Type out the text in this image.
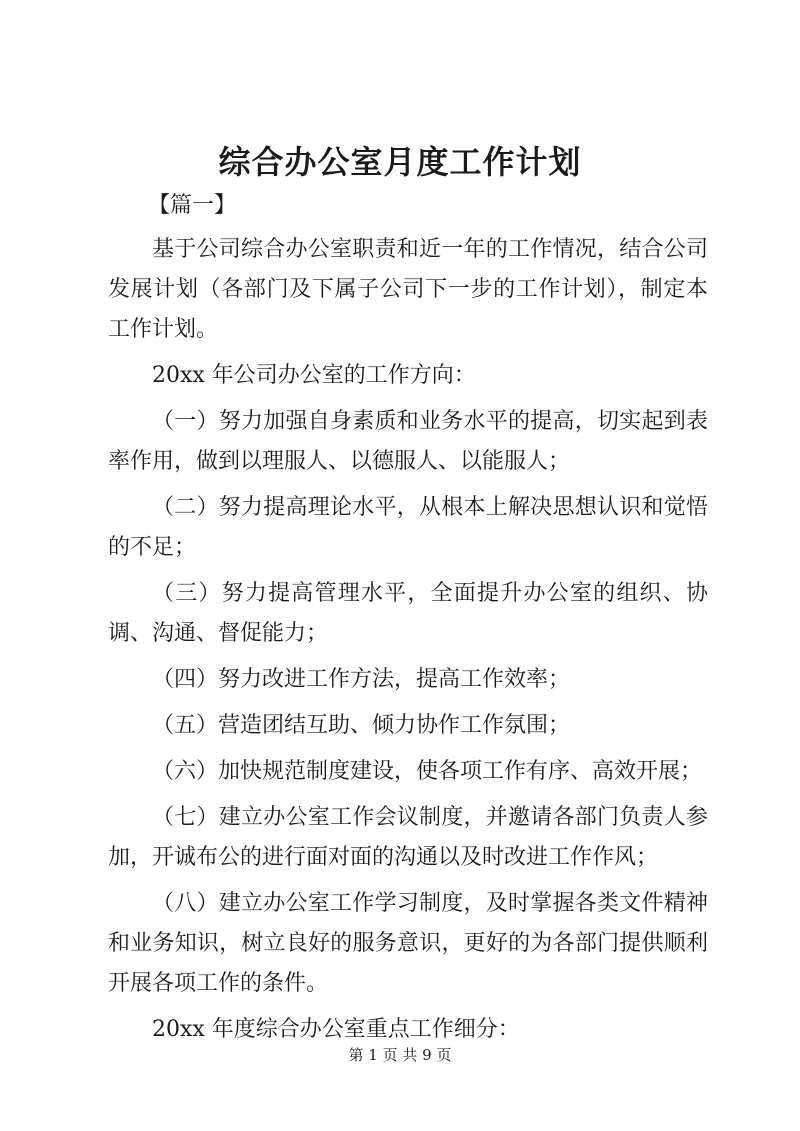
综合办公室月度工作计划

【篇一】

基于公司综合办公室职责和近一年的工作情况，结合公司发展计划（各部门及下属子公司下一步的工作计划），制定本工作计划。

20xx 年公司办公室的工作方向：

（一）努力加强自身素质和业务水平的提高，切实起到表率作用，做到以理服人、以德服人、以能服人；

（二）努力提高理论水平，从根本上解决思想认识和觉悟的不足；

（三）努力提高管理水平，全面提升办公室的组织、协调、沟通、督促能力；

（四）努力改进工作方法，提高工作效率；

（五）营造团结互助、倾力协作工作氛围；

（六）加快规范制度建设，使各项工作有序、高效开展；

（七）建立办公室工作会议制度，并邀请各部门负责人参加，开诚布公的进行面对面的沟通以及时改进工作作风；

（八）建立办公室工作学习制度，及时掌握各类文件精神和业务知识，树立良好的服务意识，更好的为各部门提供顺利开展各项工作的条件。

20xx 年度综合办公室重点工作细分：

第 1 页 共 9 页
